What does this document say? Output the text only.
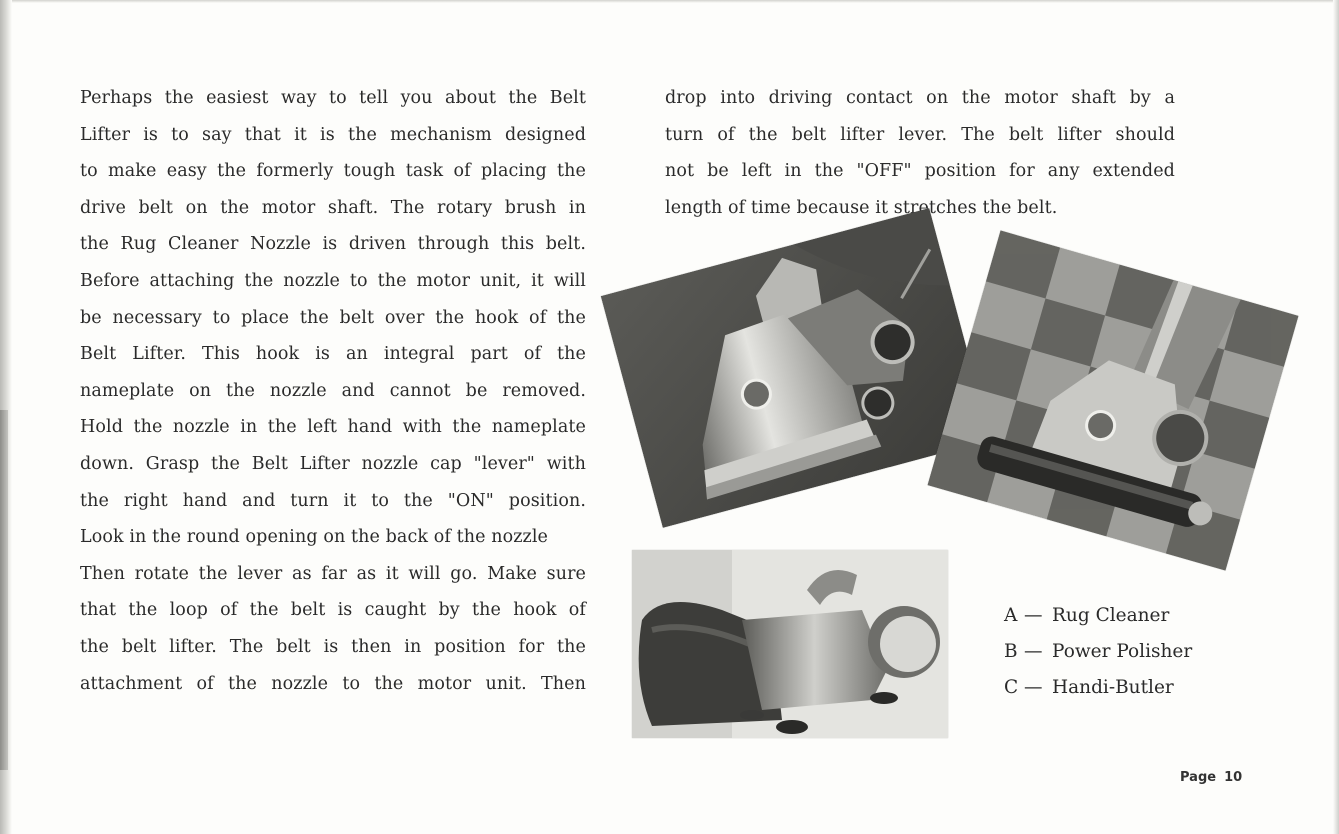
Perhaps the easiest way to tell you about the Belt
Lifter is to say that it is the mechanism designed
to make easy the formerly tough task of placing the
drive belt on the motor shaft. The rotary brush in
the Rug Cleaner Nozzle is driven through this belt.
Before attaching the nozzle to the motor unit, it will
be necessary to place the belt over the hook of the
Belt Lifter. This hook is an integral part of the
nameplate on the nozzle and cannot be removed.
Hold the nozzle in the left hand with the nameplate
down. Grasp the Belt Lifter nozzle cap "lever" with
the right hand and turn it to the "ON" position.
Look in the round opening on the back of the nozzle
Then rotate the lever as far as it will go. Make sure
that the loop of the belt is caught by the hook of
the belt lifter. The belt is then in position for the
attachment of the nozzle to the motor unit. Then
drop into driving contact on the motor shaft by a
turn of the belt lifter lever. The belt lifter should
not be left in the "OFF" position for any extended
length of time because it stretches the belt.
A — Rug Cleaner
B — Power Polisher
C — Handi-Butler
Page 10
